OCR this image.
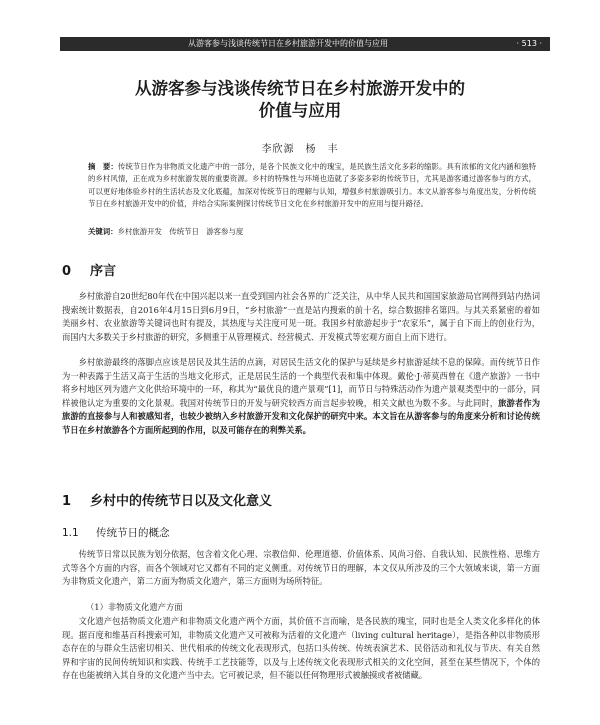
从游客参与浅谈传统节日在乡村旅游开发中的价值与应用	· 513 ·
从游客参与浅谈传统节日在乡村旅游开发中的
价值与应用
李欣源　杨　丰
摘　要：传统节日作为非物质文化遗产中的一部分，是各个民族文化中的瑰宝，是民族生活文化多彩的缩影。具有浓郁的文化内涵和独特的乡村风情，正在成为乡村旅游发展的重要资源。乡村的特殊性与环境也造就了多姿多彩的传统节日，尤其是游客通过游客参与的方式，可以更好地体验乡村的生活状态及文化底蕴，加深对传统节日的理解与认知，增强乡村旅游吸引力。本文从游客参与角度出发，分析传统节日在乡村旅游开发中的价值，并结合实际案例探讨传统节日文化在乡村旅游开发中的应用与提升路径。
关键词：乡村旅游开发　传统节日　游客参与度
0 序言
乡村旅游自20世纪80年代在中国兴起以来一直受到国内社会各界的广泛关注，从中华人民共和国国家旅游局官网得到站内热词搜索统计数据表，自2016年4月15日到6月9日，“乡村旅游”一直是站内搜索的前十名，综合数据排名第四。与其关系紧密的着如美丽乡村、农业旅游等关键词也时有提及，其热度与关注度可见一斑。我国乡村旅游起步于“农家乐”，属于自下而上的创业行为，而国内大多数关于乡村旅游的研究，多侧重于从管理模式、经营模式、开发模式等宏观方面自上而下进行。
乡村旅游最终的落脚点应该是居民及其生活的点滴，对居民生活文化的保护与延续是乡村旅游延续不息的保障。而传统节日作为一种表露于生活又高于生活的当地文化形式，正是居民生活的一个典型代表和集中体现。戴伦·J·蒂莫西曾在《遗产旅游》一书中将乡村地区列为遗产文化供给环境中的一环，称其为“最优良的遗产景观”[1]，而节日与特殊活动作为遗产景观类型中的一部分，同样被他认定为重要的文化景观。我国对传统节日的开发与研究较西方而言起步较晚，相关文献也为数不多。与此同时，旅游者作为旅游的直接参与人和被感知者，也较少被纳入乡村旅游开发和文化保护的研究中来。本文旨在从游客参与的角度来分析和讨论传统节日在乡村旅游各个方面所起到的作用，以及可能存在的利弊关系。
1 乡村中的传统节日以及文化意义
1.1 传统节日的概念
传统节日常以民族为划分依据，包含着文化心理、宗教信仰、伦理道德、价值体系、风尚习俗、自我认知、民族性格、思维方式等各个方面的内容，而各个领域对它又都有不同的定义侧重。对传统节日的理解，本文仅从所涉及的三个大领域来谈，第一方面为非物质文化遗产，第二方面为物质文化遗产，第三方面则为场所特征。
（1）非物质文化遗产方面
文化遗产包括物质文化遗产和非物质文化遗产两个方面，其价值不言而喻，是各民族的瑰宝，同时也是全人类文化多样化的体现。据百度和维基百科搜索可知，非物质文化遗产又可被称为活着的文化遗产（living cultural heritage），是指各种以非物质形态存在的与群众生活密切相关、世代相承的传统文化表现形式，包括口头传统、传统表演艺术、民俗活动和礼仪与节庆、有关自然界和宇宙的民间传统知识和实践、传统手工艺技能等，以及与上述传统文化表现形式相关的文化空间，甚至在某些情况下，个体的存在也能被纳入其自身的文化遗产当中去。它可被记录，但不能以任何物理形式被触摸或者被储藏。
